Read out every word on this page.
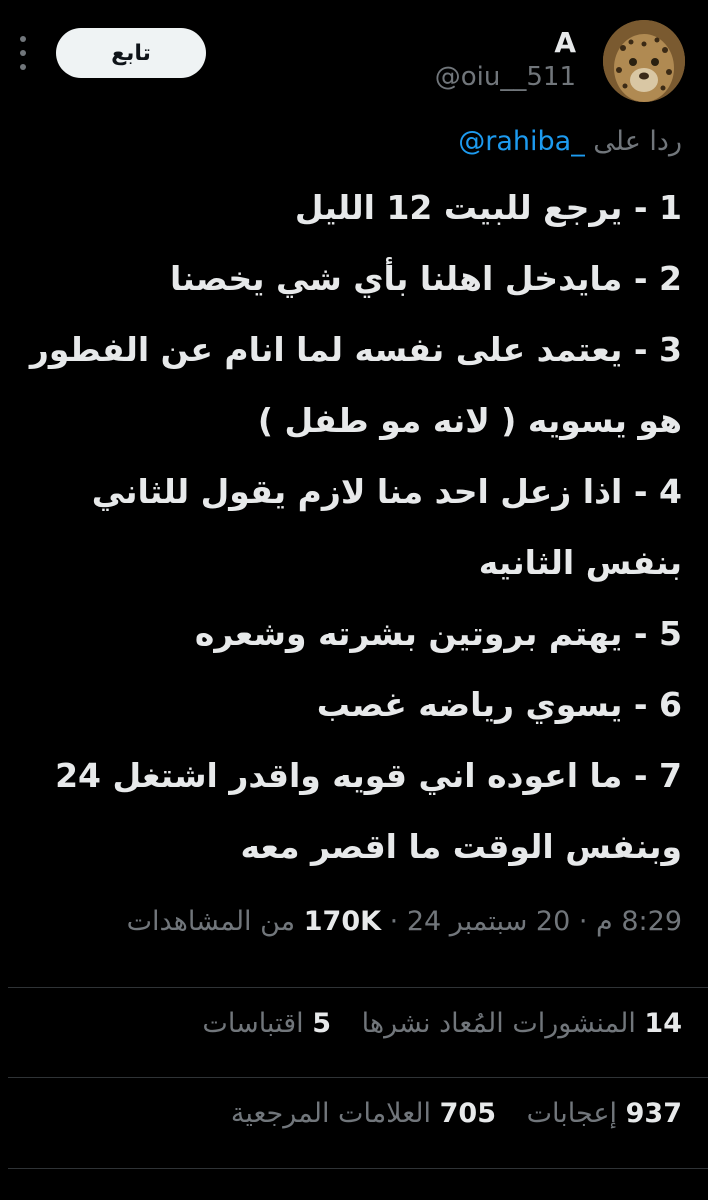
A
@oiu__511
تابع
ردا على @rahiba_

1 - يرجع للبيت 12 الليل

2 - مايدخل اهلنا بأي شي يخصنا

3 - يعتمد على نفسه لما انام عن الفطور هو يسويه ( لانه مو طفل )

4 - اذا زعل احد منا لازم يقول للثاني بنفس الثانيه

5 - يهتم بروتين بشرته وشعره

6 - يسوي رياضه غصب

7 - ما اعوده اني قويه واقدر اشتغل 24 وبنفس الوقت ما اقصر معه

8:29 م · 20 سبتمبر 24 · 170K من المشاهدات
14 المنشورات المُعاد نشرها 5 اقتباسات
937 إعجابات 705 العلامات المرجعية
